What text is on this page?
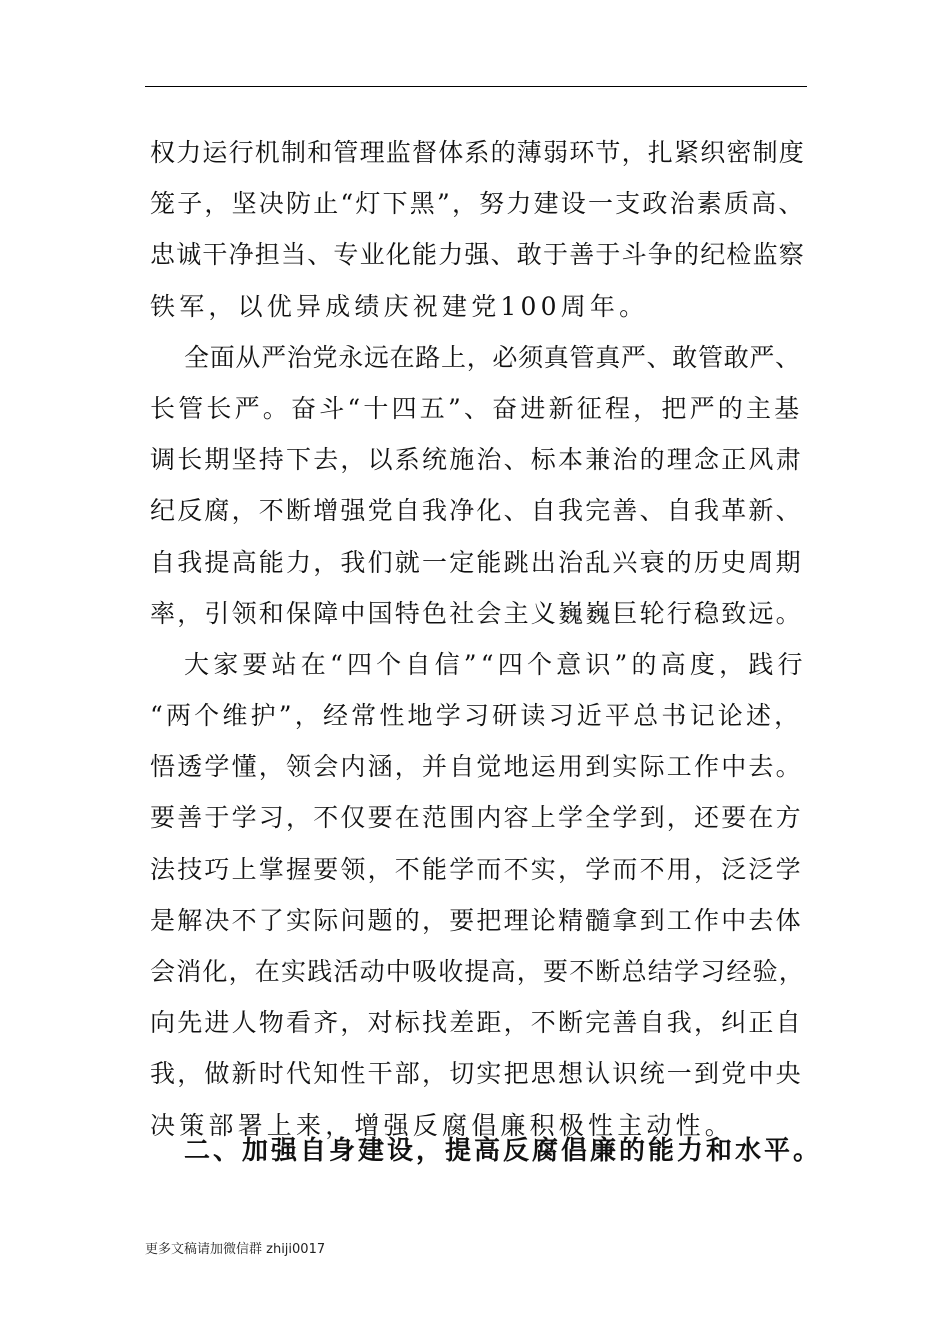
权力运行机制和管理监督体系的薄弱环节，扎紧织密制度
笼子，坚决防止“灯下黑”，努力建设一支政治素质高、
忠诚干净担当、专业化能力强、敢于善于斗争的纪检监察
铁军，以优异成绩庆祝建党100周年。
全面从严治党永远在路上，必须真管真严、敢管敢严、
长管长严。奋斗“十四五”、奋进新征程，把严的主基
调长期坚持下去，以系统施治、标本兼治的理念正风肃
纪反腐，不断增强党自我净化、自我完善、自我革新、
自我提高能力，我们就一定能跳出治乱兴衰的历史周期
率，引领和保障中国特色社会主义巍巍巨轮行稳致远。
大家要站在“四个自信”“四个意识”的高度，践行
“两个维护”，经常性地学习研读习近平总书记论述，
悟透学懂，领会内涵，并自觉地运用到实际工作中去。
要善于学习，不仅要在范围内容上学全学到，还要在方
法技巧上掌握要领，不能学而不实，学而不用，泛泛学
是解决不了实际问题的，要把理论精髓拿到工作中去体
会消化，在实践活动中吸收提高，要不断总结学习经验，
向先进人物看齐，对标找差距，不断完善自我，纠正自
我，做新时代知性干部，切实把思想认识统一到党中央
决策部署上来，增强反腐倡廉积极性主动性。
二、加强自身建设，提高反腐倡廉的能力和水平。
更多文稿请加微信群 zhiji0017
